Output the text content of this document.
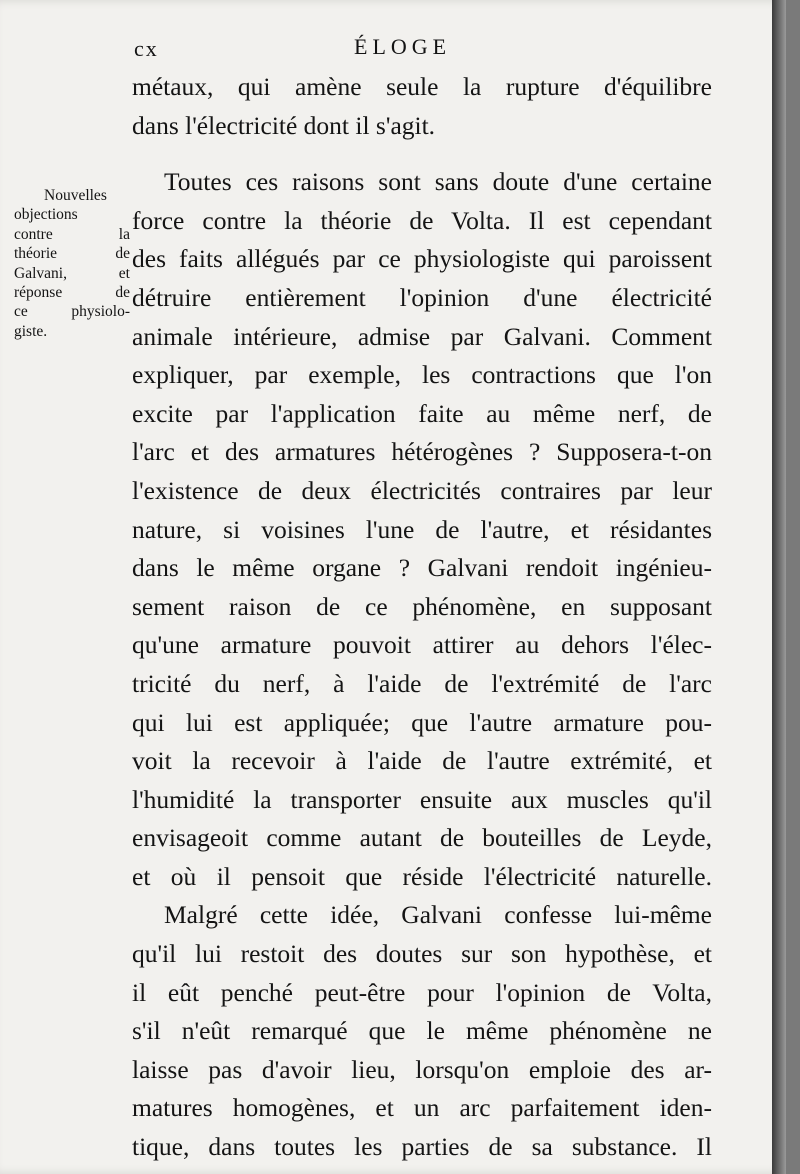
cx	ÉLOGE
Nouvelles
objections
contre la
théorie de
Galvani, et
réponse de
ce physiolo-
giste.
métaux, qui amène seule la rupture d'équilibre
dans l'électricité dont il s'agit.
Toutes ces raisons sont sans doute d'une certaine
force contre la théorie de Volta. Il est cependant
des faits allégués par ce physiologiste qui paroissent
détruire entièrement l'opinion d'une électricité
animale intérieure, admise par Galvani. Comment
expliquer, par exemple, les contractions que l'on
excite par l'application faite au même nerf, de
l'arc et des armatures hétérogènes ? Supposera-t-on
l'existence de deux électricités contraires par leur
nature, si voisines l'une de l'autre, et résidantes
dans le même organe ? Galvani rendoit ingénieu-
sement raison de ce phénomène, en supposant
qu'une armature pouvoit attirer au dehors l'élec-
tricité du nerf, à l'aide de l'extrémité de l'arc
qui lui est appliquée; que l'autre armature pou-
voit la recevoir à l'aide de l'autre extrémité, et
l'humidité la transporter ensuite aux muscles qu'il
envisageoit comme autant de bouteilles de Leyde,
et où il pensoit que réside l'électricité naturelle.
Malgré cette idée, Galvani confesse lui-même
qu'il lui restoit des doutes sur son hypothèse, et
il eût penché peut-être pour l'opinion de Volta,
s'il n'eût remarqué que le même phénomène ne
laisse pas d'avoir lieu, lorsqu'on emploie des ar-
matures homogènes, et un arc parfaitement iden-
tique, dans toutes les parties de sa substance. Il
